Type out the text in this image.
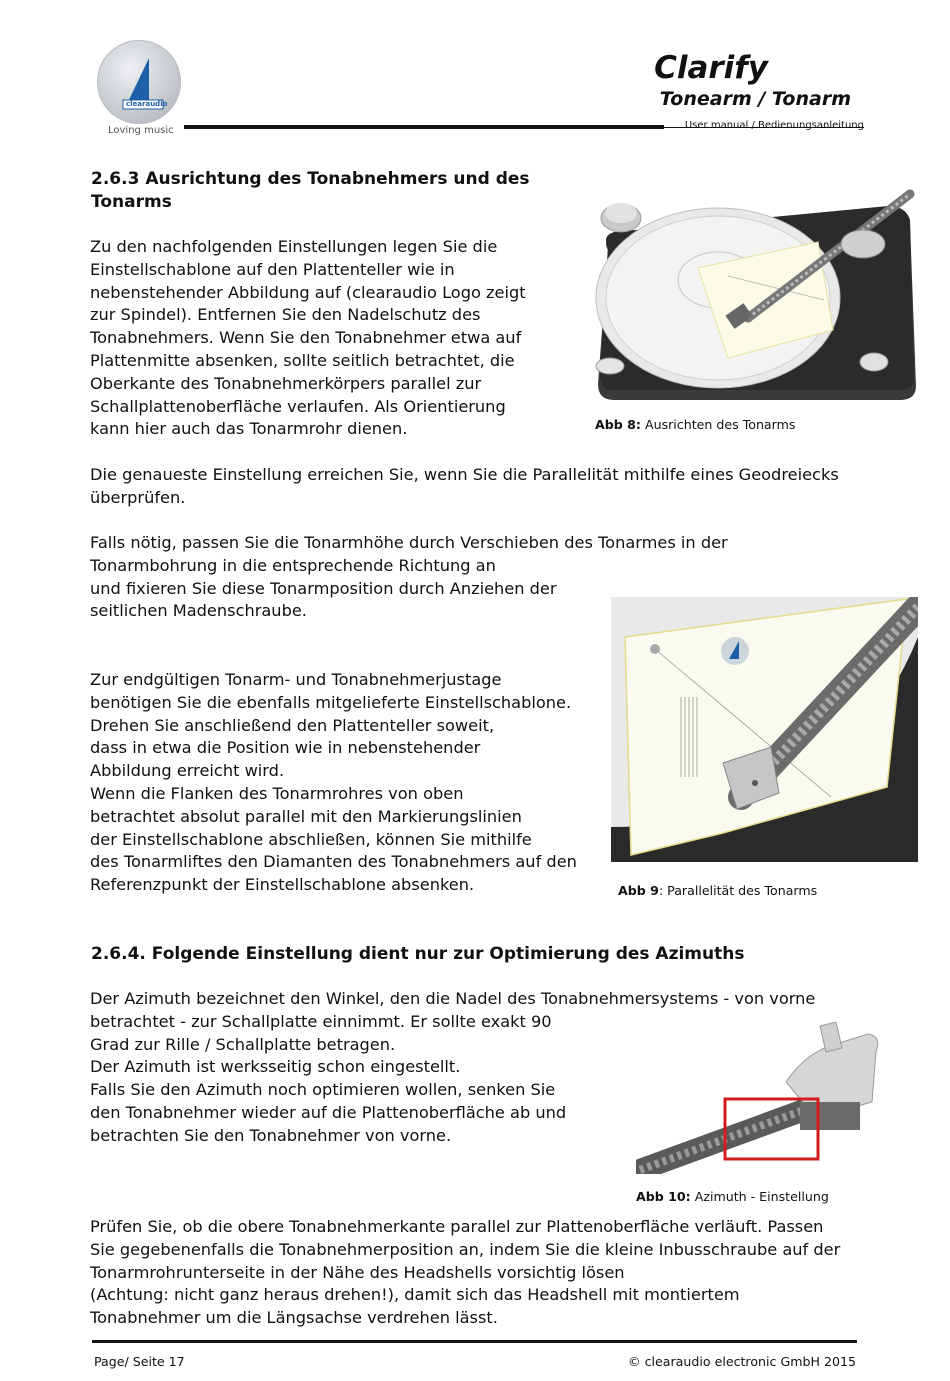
clearaudio
Loving music
Clarify
Tonearm / Tonarm
User manual / Bedienungsanleitung
2.6.3 Ausrichtung des Tonabnehmers und des
Tonarms
Zu den nachfolgenden Einstellungen legen Sie die
Einstellschablone auf den Plattenteller wie in
nebenstehender Abbildung auf (clearaudio Logo zeigt
zur Spindel). Entfernen Sie den Nadelschutz des
Tonabnehmers. Wenn Sie den Tonabnehmer etwa auf
Plattenmitte absenken, sollte seitlich betrachtet, die
Oberkante des Tonabnehmerkörpers parallel zur
Schallplattenoberfläche verlaufen. Als Orientierung
kann hier auch das Tonarmrohr dienen.	Abb 8: Ausrichten des Tonarms
Die genaueste Einstellung erreichen Sie, wenn Sie die Parallelität mithilfe eines Geodreiecks
überprüfen.
Falls nötig, passen Sie die Tonarmhöhe durch Verschieben des Tonarmes in der
Tonarmbohrung in die entsprechende Richtung an
und fixieren Sie diese Tonarmposition durch Anziehen der
seitlichen Madenschraube.
Zur endgültigen Tonarm- und Tonabnehmerjustage
benötigen Sie die ebenfalls mitgelieferte Einstellschablone.
Drehen Sie anschließend den Plattenteller soweit,
dass in etwa die Position wie in nebenstehender
Abbildung erreicht wird.
Wenn die Flanken des Tonarmrohres von oben
betrachtet absolut parallel mit den Markierungslinien
der Einstellschablone abschließen, können Sie mithilfe
des Tonarmliftes den Diamanten des Tonabnehmers auf den
Referenzpunkt der Einstellschablone absenken.	Abb 9: Parallelität des Tonarms
2.6.4. Folgende Einstellung dient nur zur Optimierung des Azimuths
Der Azimuth bezeichnet den Winkel, den die Nadel des Tonabnehmersystems - von vorne
betrachtet - zur Schallplatte einnimmt. Er sollte exakt 90
Grad zur Rille / Schallplatte betragen.
Der Azimuth ist werksseitig schon eingestellt.
Falls Sie den Azimuth noch optimieren wollen, senken Sie
den Tonabnehmer wieder auf die Plattenoberfläche ab und
betrachten Sie den Tonabnehmer von vorne.
Abb 10: Azimuth - Einstellung
Prüfen Sie, ob die obere Tonabnehmerkante parallel zur Plattenoberfläche verläuft. Passen
Sie gegebenenfalls die Tonabnehmerposition an, indem Sie die kleine Inbusschraube auf der
Tonarmrohrunterseite in der Nähe des Headshells vorsichtig lösen
(Achtung: nicht ganz heraus drehen!), damit sich das Headshell mit montiertem
Tonabnehmer um die Längsachse verdrehen lässt.
Page/ Seite 17	© clearaudio electronic GmbH 2015
